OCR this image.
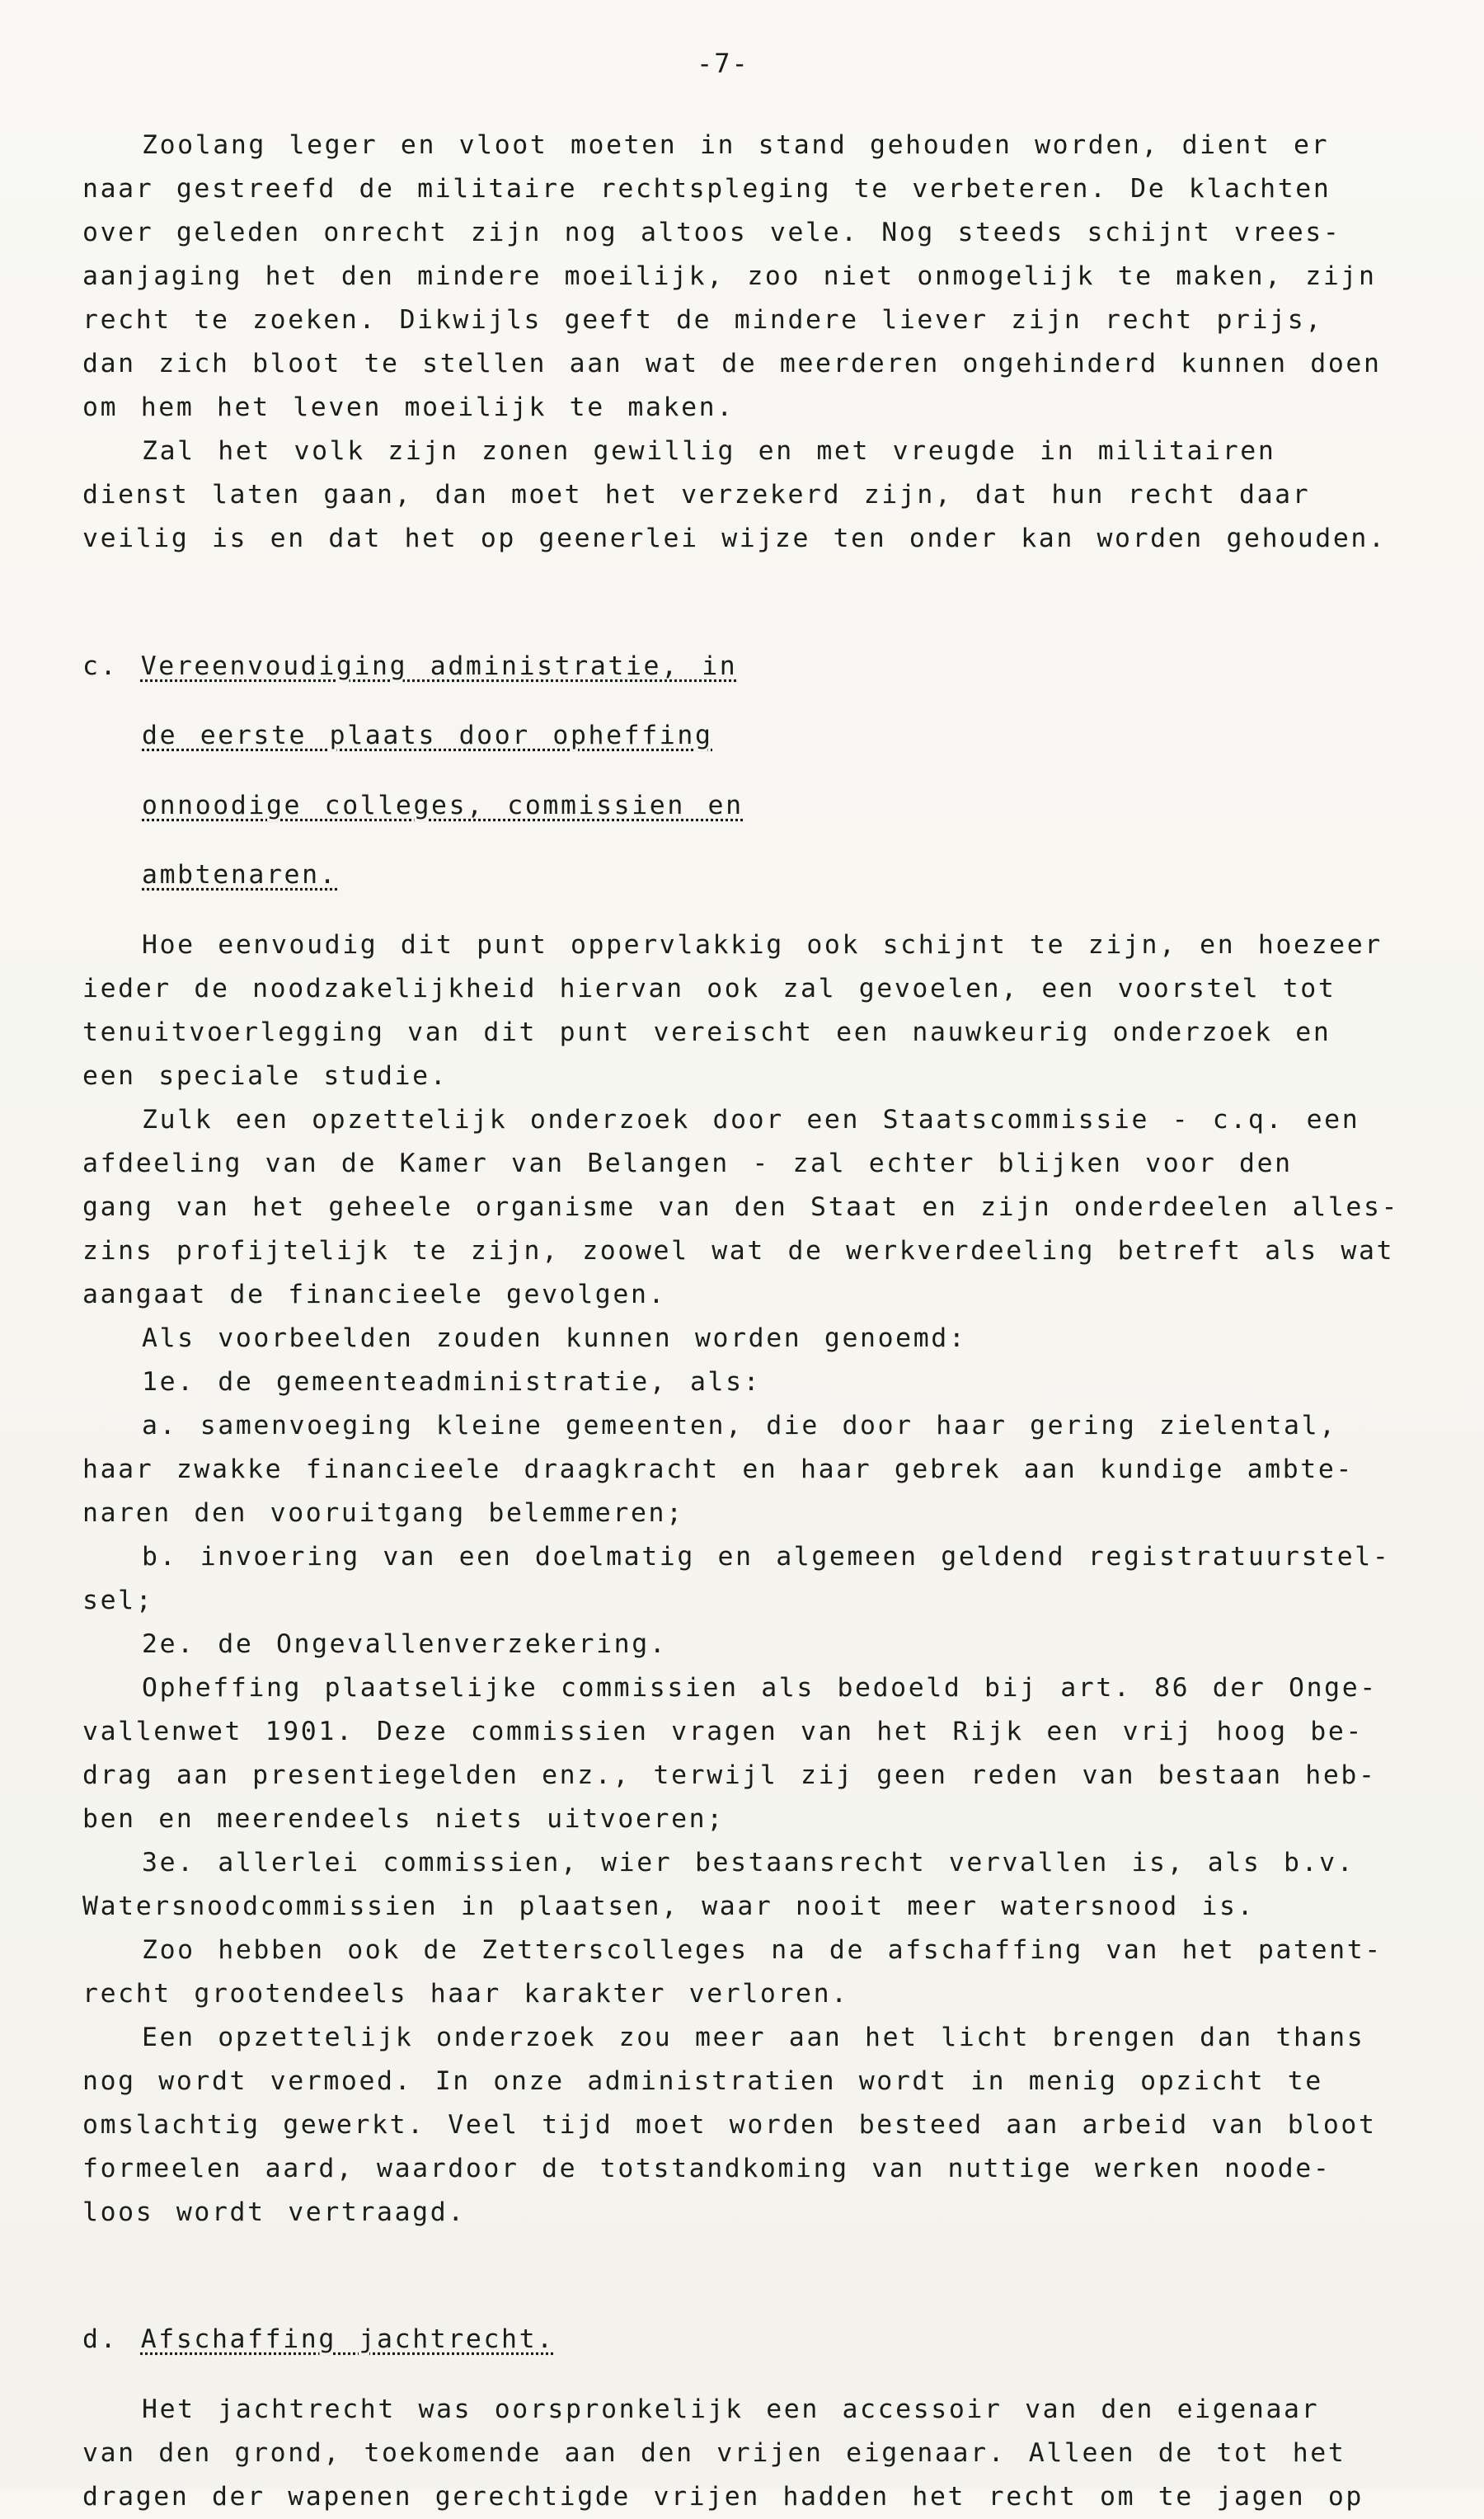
-7-

Zoolang leger en vloot moeten in stand gehouden worden, dient er

naar gestreefd de militaire rechtspleging te verbeteren. De klachten

over geleden onrecht zijn nog altoos vele. Nog steeds schijnt vrees-

aanjaging het den mindere moeilijk, zoo niet onmogelijk te maken, zijn

recht te zoeken. Dikwijls geeft de mindere liever zijn recht prijs,

dan zich bloot te stellen aan wat de meerderen ongehinderd kunnen doen

om hem het leven moeilijk te maken.

Zal het volk zijn zonen gewillig en met vreugde in militairen

dienst laten gaan, dan moet het verzekerd zijn, dat hun recht daar

veilig is en dat het op geenerlei wijze ten onder kan worden gehouden.

c. Vereenvoudiging administratie, in

de eerste plaats door opheffing

onnoodige colleges, commissien en

ambtenaren.

Hoe eenvoudig dit punt oppervlakkig ook schijnt te zijn, en hoezeer

ieder de noodzakelijkheid hiervan ook zal gevoelen, een voorstel tot

tenuitvoerlegging van dit punt vereischt een nauwkeurig onderzoek en

een speciale studie.

Zulk een opzettelijk onderzoek door een Staatscommissie - c.q. een

afdeeling van de Kamer van Belangen - zal echter blijken voor den

gang van het geheele organisme van den Staat en zijn onderdeelen alles-

zins profijtelijk te zijn, zoowel wat de werkverdeeling betreft als wat

aangaat de financieele gevolgen.

Als voorbeelden zouden kunnen worden genoemd:

1e. de gemeenteadministratie, als:

a. samenvoeging kleine gemeenten, die door haar gering zielental,

haar zwakke financieele draagkracht en haar gebrek aan kundige ambte-

naren den vooruitgang belemmeren;

b. invoering van een doelmatig en algemeen geldend registratuurstel-

sel;

2e. de Ongevallenverzekering.

Opheffing plaatselijke commissien als bedoeld bij art. 86 der Onge-

vallenwet 1901. Deze commissien vragen van het Rijk een vrij hoog be-

drag aan presentiegelden enz., terwijl zij geen reden van bestaan heb-

ben en meerendeels niets uitvoeren;

3e. allerlei commissien, wier bestaansrecht vervallen is, als b.v.

Watersnoodcommissien in plaatsen, waar nooit meer watersnood is.

Zoo hebben ook de Zetterscolleges na de afschaffing van het patent-

recht grootendeels haar karakter verloren.

Een opzettelijk onderzoek zou meer aan het licht brengen dan thans

nog wordt vermoed. In onze administratien wordt in menig opzicht te

omslachtig gewerkt. Veel tijd moet worden besteed aan arbeid van bloot

formeelen aard, waardoor de totstandkoming van nuttige werken noode-

loos wordt vertraagd.

d. Afschaffing jachtrecht.

Het jachtrecht was oorspronkelijk een accessoir van den eigenaar

van den grond, toekomende aan den vrijen eigenaar. Alleen de tot het

dragen der wapenen gerechtigde vrijen hadden het recht om te jagen op
